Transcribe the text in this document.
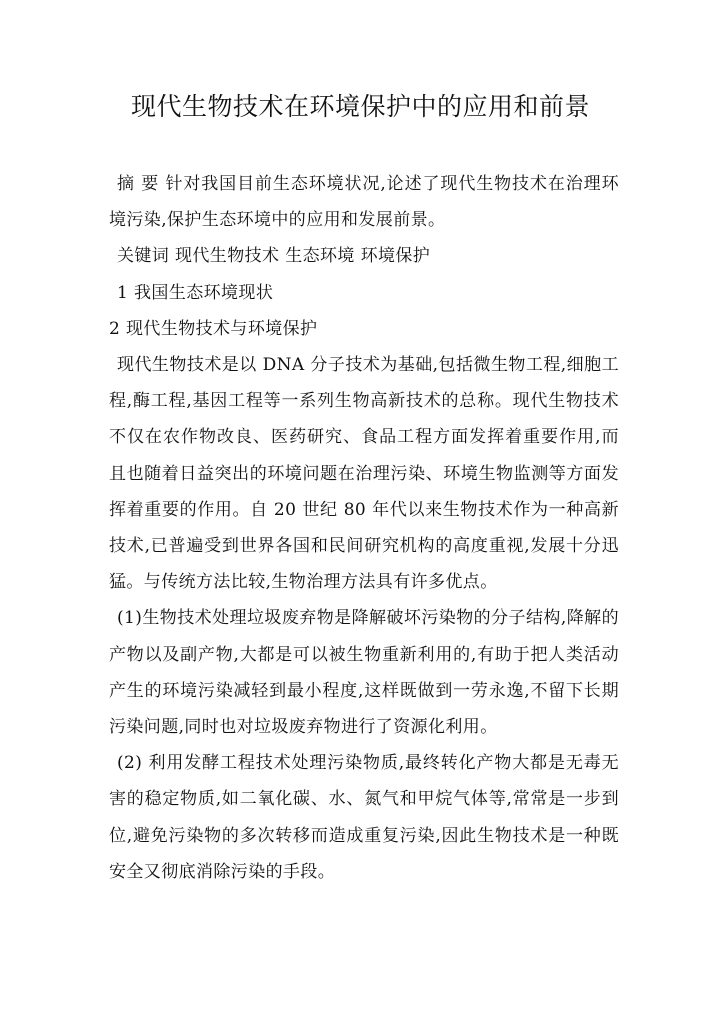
现代生物技术在环境保护中的应用和前景

摘 要 针对我国目前生态环境状况,论述了现代生物技术在治理环境污染,保护生态环境中的应用和发展前景。

关键词 现代生物技术 生态环境 环境保护

1 我国生态环境现状

2 现代生物技术与环境保护

现代生物技术是以 DNA 分子技术为基础,包括微生物工程,细胞工程,酶工程,基因工程等一系列生物高新技术的总称。现代生物技术不仅在农作物改良、医药研究、食品工程方面发挥着重要作用,而且也随着日益突出的环境问题在治理污染、环境生物监测等方面发挥着重要的作用。自 20 世纪 80 年代以来生物技术作为一种高新技术,已普遍受到世界各国和民间研究机构的高度重视,发展十分迅猛。与传统方法比较,生物治理方法具有许多优点。

(1)生物技术处理垃圾废弃物是降解破坏污染物的分子结构,降解的产物以及副产物,大都是可以被生物重新利用的,有助于把人类活动产生的环境污染减轻到最小程度,这样既做到一劳永逸,不留下长期污染问题,同时也对垃圾废弃物进行了资源化利用。

(2) 利用发酵工程技术处理污染物质,最终转化产物大都是无毒无害的稳定物质,如二氧化碳、水、氮气和甲烷气体等,常常是一步到位,避免污染物的多次转移而造成重复污染,因此生物技术是一种既安全又彻底消除污染的手段。
